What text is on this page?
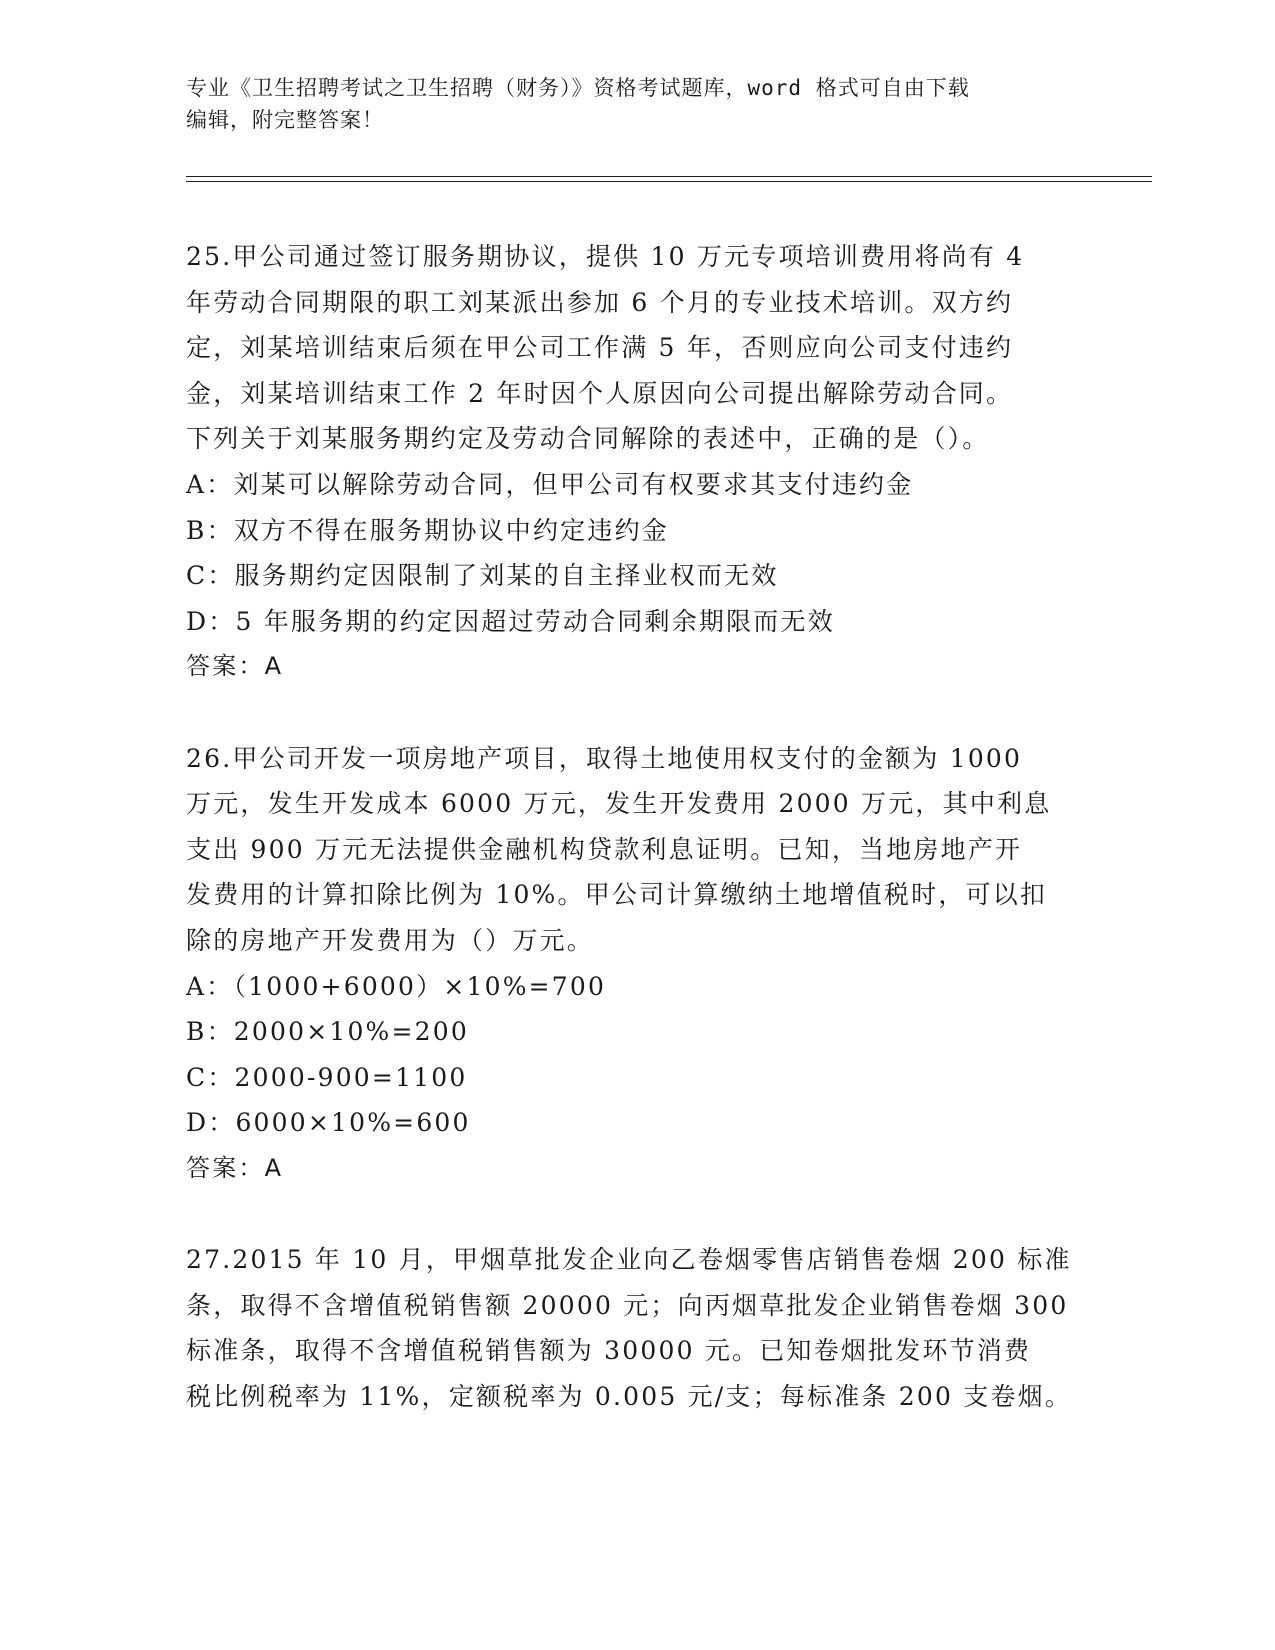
专业《卫生招聘考试之卫生招聘（财务）》资格考试题库，word 格式可自由下载
编辑，附完整答案！
25.甲公司通过签订服务期协议，提供 10 万元专项培训费用将尚有 4
年劳动合同期限的职工刘某派出参加 6 个月的专业技术培训。双方约
定，刘某培训结束后须在甲公司工作满 5 年，否则应向公司支付违约
金，刘某培训结束工作 2 年时因个人原因向公司提出解除劳动合同。
下列关于刘某服务期约定及劳动合同解除的表述中，正确的是（）。
A：刘某可以解除劳动合同，但甲公司有权要求其支付违约金
B：双方不得在服务期协议中约定违约金
C：服务期约定因限制了刘某的自主择业权而无效
D：5 年服务期的约定因超过劳动合同剩余期限而无效
答案：A
26.甲公司开发一项房地产项目，取得土地使用权支付的金额为 1000
万元，发生开发成本 6000 万元，发生开发费用 2000 万元，其中利息
支出 900 万元无法提供金融机构贷款利息证明。已知，当地房地产开
发费用的计算扣除比例为 10%。甲公司计算缴纳土地增值税时，可以扣
除的房地产开发费用为（）万元。
A：（1000+6000）×10%=700
B：2000×10%=200
C：2000-900=1100
D：6000×10%=600
答案：A
27.2015 年 10 月，甲烟草批发企业向乙卷烟零售店销售卷烟 200 标准
条，取得不含增值税销售额 20000 元；向丙烟草批发企业销售卷烟 300
标准条，取得不含增值税销售额为 30000 元。已知卷烟批发环节消费
税比例税率为 11%，定额税率为 0.005 元/支；每标准条 200 支卷烟。
